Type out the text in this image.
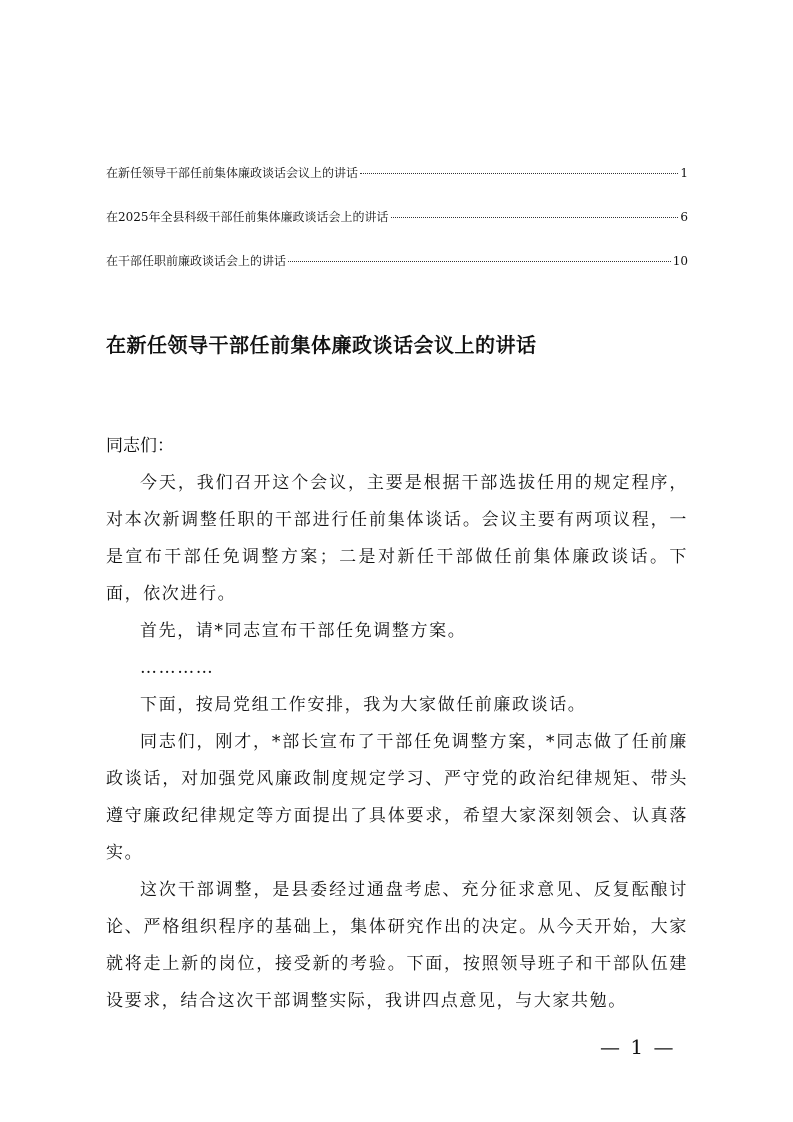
在新任领导干部任前集体廉政谈话会议上的讲话	1
在2025年全县科级干部任前集体廉政谈话会上的讲话	6
在干部任职前廉政谈话会上的讲话	10
在新任领导干部任前集体廉政谈话会议上的讲话

同志们：

今天，我们召开这个会议，主要是根据干部选拔任用的规定程序，对本次新调整任职的干部进行任前集体谈话。会议主要有两项议程，一是宣布干部任免调整方案；二是对新任干部做任前集体廉政谈话。下面，依次进行。

首先，请*同志宣布干部任免调整方案。

…………

下面，按局党组工作安排，我为大家做任前廉政谈话。

同志们，刚才，*部长宣布了干部任免调整方案，*同志做了任前廉政谈话，对加强党风廉政制度规定学习、严守党的政治纪律规矩、带头遵守廉政纪律规定等方面提出了具体要求，希望大家深刻领会、认真落实。

这次干部调整，是县委经过通盘考虑、充分征求意见、反复酝酿讨论、严格组织程序的基础上，集体研究作出的决定。从今天开始，大家就将走上新的岗位，接受新的考验。下面，按照领导班子和干部队伍建设要求，结合这次干部调整实际，我讲四点意见，与大家共勉。

— 1 —
